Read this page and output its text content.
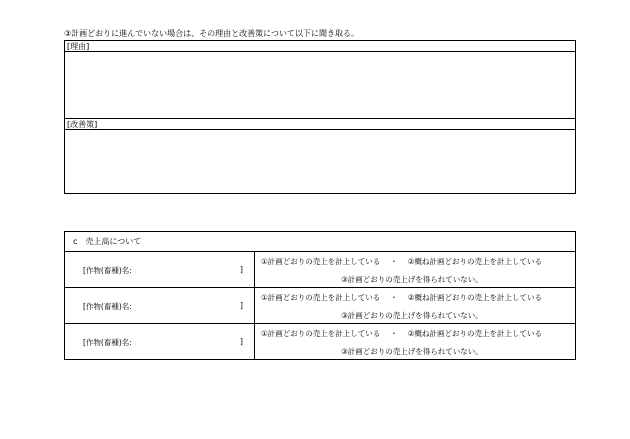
③計画どおりに進んでいない場合は、その理由と改善策について以下に聞き取る。
[理由]
[改善策]
c　売上高について
[作物(畜種)名:	]
①計画どおりの売上を計上している ・ ②概ね計画どおりの売上を計上している
③計画どおりの売上げを得られていない。
[作物(畜種)名:	]
①計画どおりの売上を計上している ・ ②概ね計画どおりの売上を計上している
③計画どおりの売上げを得られていない。
[作物(畜種)名:	]
①計画どおりの売上を計上している ・ ②概ね計画どおりの売上を計上している
③計画どおりの売上げを得られていない。
